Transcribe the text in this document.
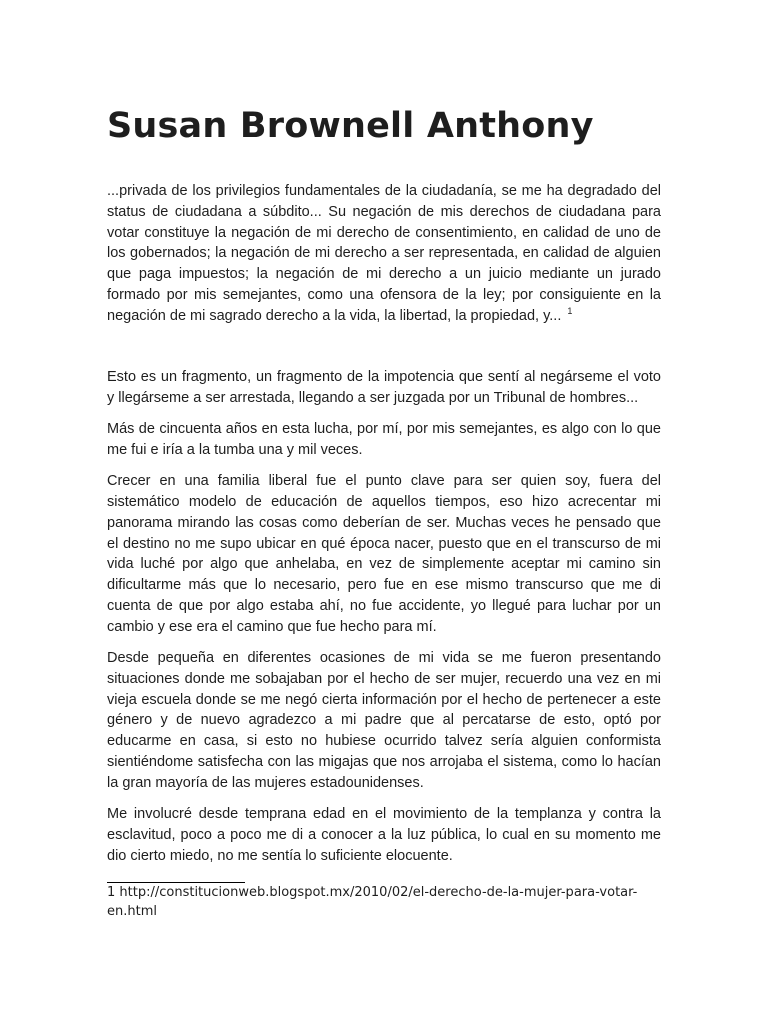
Susan Brownell Anthony

...privada de los privilegios fundamentales de la ciudadanía, se me ha degradado del status de ciudadana a súbdito... Su negación de mis derechos de ciudadana para votar constituye la negación de mi derecho de consentimiento, en calidad de uno de los gobernados; la negación de mi derecho a ser representada, en calidad de alguien que paga impuestos; la negación de mi derecho a un juicio mediante un jurado formado por mis semejantes, como una ofensora de la ley; por consiguiente en la negación de mi sagrado derecho a la vida, la libertad, la propiedad, y... $^1$

Esto es un fragmento, un fragmento de la impotencia que sentí al negárseme el voto y llegárseme a ser arrestada, llegando a ser juzgada por un Tribunal de hombres...

Más de cincuenta años en esta lucha, por mí, por mis semejantes, es algo con lo que me fui e iría a la tumba una y mil veces.

Crecer en una familia liberal fue el punto clave para ser quien soy, fuera del sistemático modelo de educación de aquellos tiempos, eso hizo acrecentar mi panorama mirando las cosas como deberían de ser. Muchas veces he pensado que el destino no me supo ubicar en qué época nacer, puesto que en el transcurso de mi vida luché por algo que anhelaba, en vez de simplemente aceptar mi camino sin dificultarme más que lo necesario, pero fue en ese mismo transcurso que me di cuenta de que por algo estaba ahí, no fue accidente, yo llegué para luchar por un cambio y ese era el camino que fue hecho para mí.

Desde pequeña en diferentes ocasiones de mi vida se me fueron presentando situaciones donde me sobajaban por el hecho de ser mujer, recuerdo una vez en mi vieja escuela donde se me negó cierta información por el hecho de pertenecer a este género y de nuevo agradezco a mi padre que al percatarse de esto, optó por educarme en casa, si esto no hubiese ocurrido talvez sería alguien conformista sientiéndome satisfecha con las migajas que nos arrojaba el sistema, como lo hacían la gran mayoría de las mujeres estadounidenses.

Me involucré desde temprana edad en el movimiento de la templanza y contra la esclavitud, poco a poco me di a conocer a la luz pública, lo cual en su momento me dio cierto miedo, no me sentía lo suficiente elocuente.

1 http://constitucionweb.blogspot.mx/2010/02/el-derecho-de-la-mujer-para-votar-en.html
